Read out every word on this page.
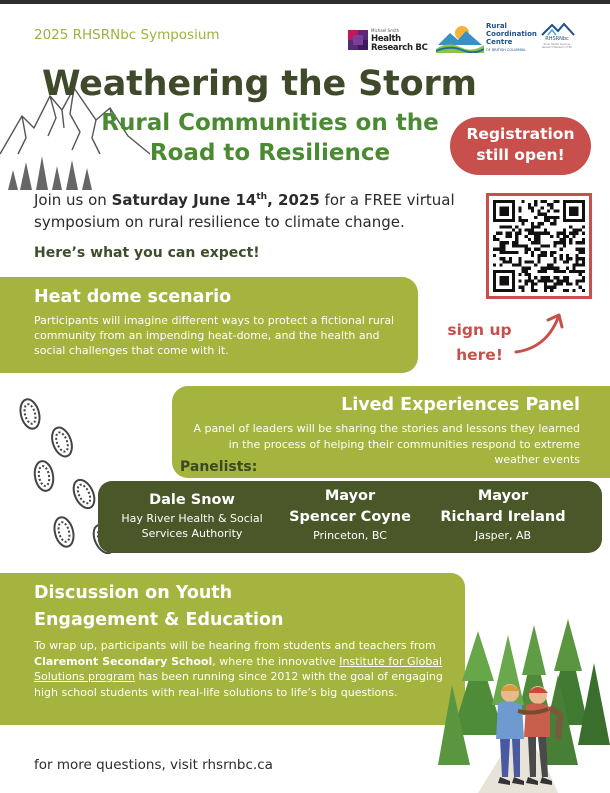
2025 RHSRNbc Symposium	Michael Smith
Health
Research BC
Rural
Coordination
Centre
OF BRITISH COLUMBIA
RHSRNbc
Rural Health Services
Research Network of BC
Weathering the Storm
Rural Communities on the
Road to Resilience
Registration
still open!
Join us on Saturday June 14th, 2025 for a FREE virtual symposium on rural resilience to climate change.
Here’s what you can expect!
sign up
here!
Heat dome scenario
Participants will imagine different ways to protect a fictional rural community from an impending heat-dome, and the health and social challenges that come with it.
Lived Experiences Panel
A panel of leaders will be sharing the stories and lessons they learned in the process of helping their communities respond to extreme weather events
Panelists:
Dale Snow
Hay River Health & Social
Services Authority
Mayor
Spencer Coyne
Princeton, BC
Mayor
Richard Ireland
Jasper, AB
Discussion on Youth
Engagement & Education
To wrap up, participants will be hearing from students and teachers from Claremont Secondary School, where the innovative Institute for Global Solutions program has been running since 2012 with the goal of engaging high school students with real-life solutions to life’s big questions.
for more questions, visit rhsrnbc.ca
